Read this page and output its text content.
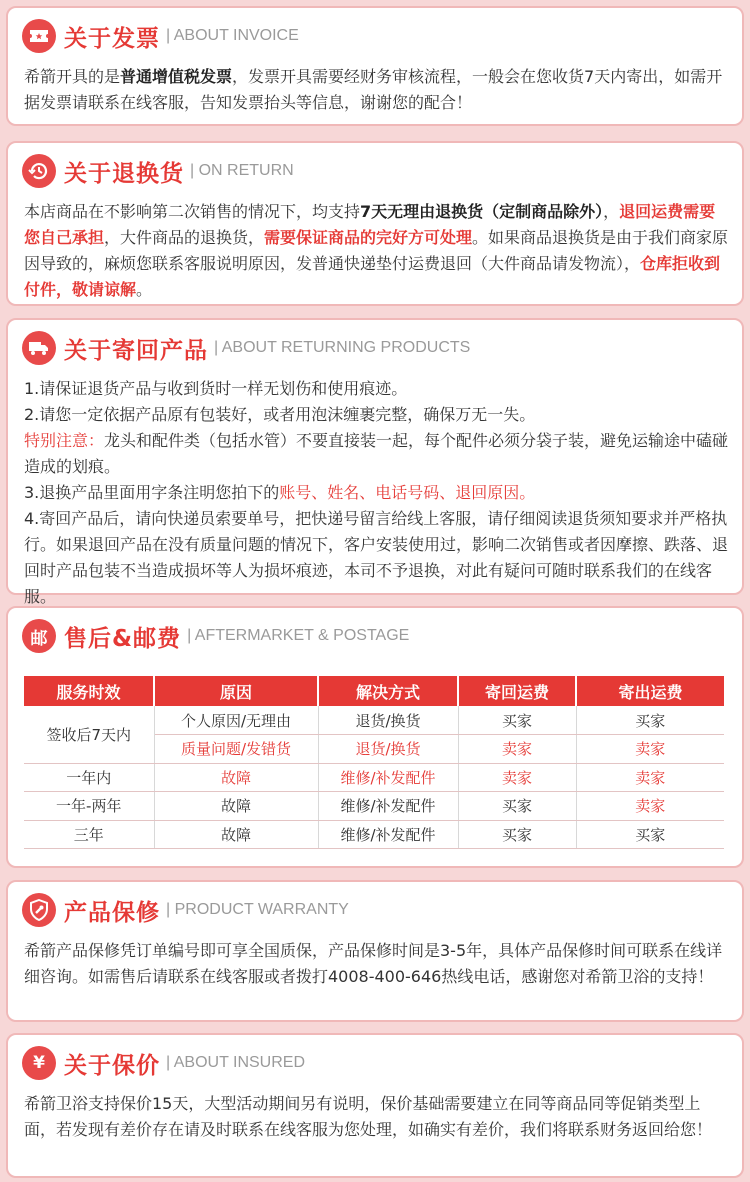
关于发票 | ABOUT INVOICE
希箭开具的是普通增值税发票，发票开具需要经财务审核流程，一般会在您收货7天内寄出，如需开据发票请联系在线客服，告知发票抬头等信息，谢谢您的配合！
关于退换货 | ON RETURN
本店商品在不影响第二次销售的情况下，均支持7天无理由退换货（定制商品除外），退回运费需要您自己承担，大件商品的退换货，需要保证商品的完好方可处理。如果商品退换货是由于我们商家原因导致的，麻烦您联系客服说明原因，发普通快递垫付运费退回（大件商品请发物流），仓库拒收到付件，敬请谅解。
关于寄回产品 | ABOUT RETURNING PRODUCTS
1.请保证退货产品与收到货时一样无划伤和使用痕迹。
2.请您一定依据产品原有包装好，或者用泡沫缠裹完整，确保万无一失。
特别注意：龙头和配件类（包括水管）不要直接装一起，每个配件必须分袋子装，避免运输途中磕碰造成的划痕。
3.退换产品里面用字条注明您拍下的账号、姓名、电话号码、退回原因。
4.寄回产品后，请向快递员索要单号，把快递号留言给线上客服，请仔细阅读退货须知要求并严格执行。如果退回产品在没有质量问题的情况下，客户安装使用过，影响二次销售或者因摩擦、跌落、退回时产品包装不当造成损坏等人为损坏痕迹，本司不予退换，对此有疑问可随时联系我们的在线客服。
邮 售后&邮费 | AFTERMARKET & POSTAGE
服务时效	原因	解决方式	寄回运费	寄出运费
签收后7天内	个人原因/无理由	退货/换货	买家	买家
	质量问题/发错货	退货/换货	卖家	卖家
一年内	故障	维修/补发配件	卖家	卖家
一年-两年	故障	维修/补发配件	买家	卖家
三年	故障	维修/补发配件	买家	买家
产品保修 | PRODUCT WARRANTY
希箭产品保修凭订单编号即可享全国质保，产品保修时间是3-5年，具体产品保修时间可联系在线详细咨询。如需售后请联系在线客服或者拨打4008-400-646热线电话，感谢您对希箭卫浴的支持！
¥ 关于保价 | ABOUT INSURED
希箭卫浴支持保价15天，大型活动期间另有说明，保价基础需要建立在同等商品同等促销类型上面，若发现有差价存在请及时联系在线客服为您处理，如确实有差价，我们将联系财务返回给您！
